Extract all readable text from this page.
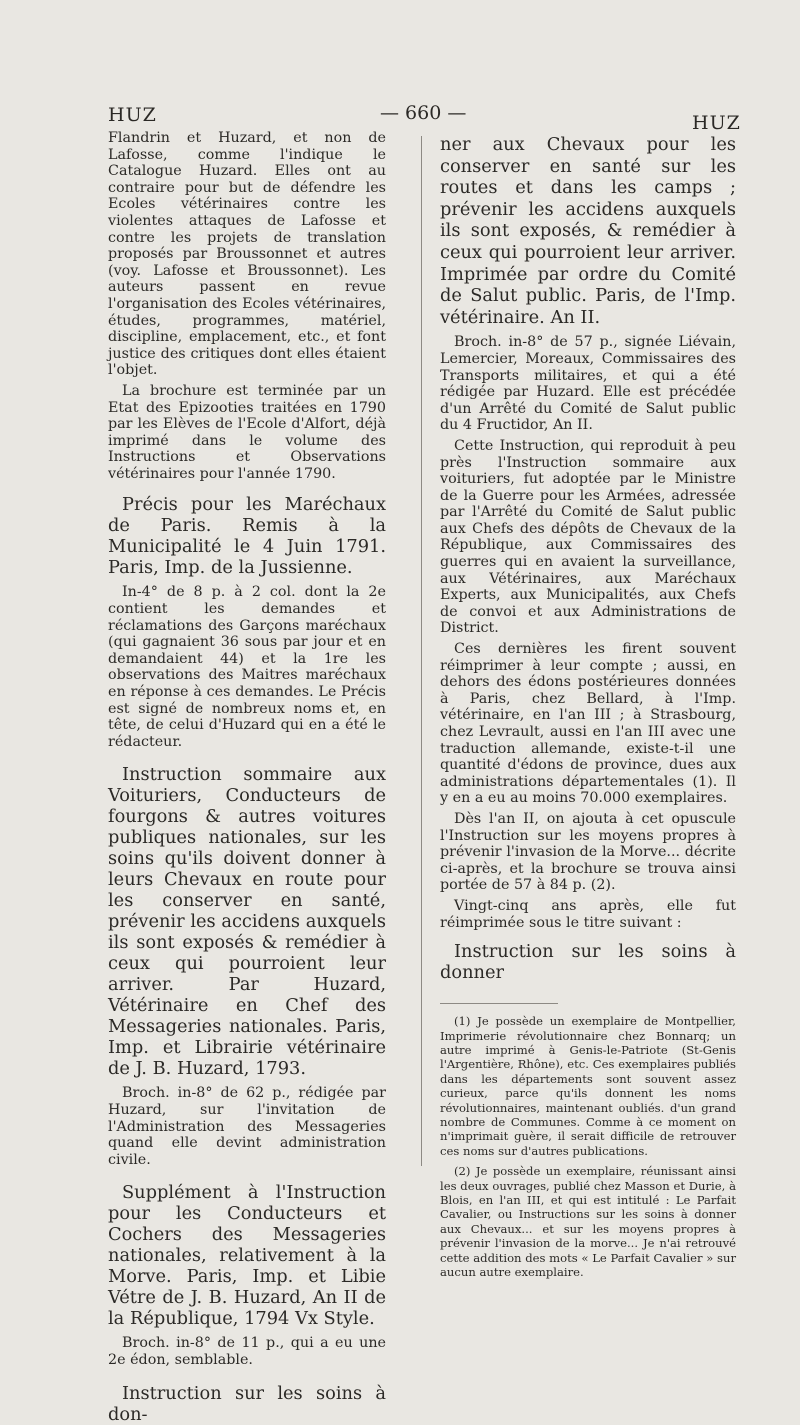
HUZ	— 660 —	HUZ

Flandrin et Huzard, et non de Lafosse, comme l'indique le Catalogue Huzard. Elles ont au contraire pour but de défendre les Ecoles vétérinaires contre les violentes attaques de Lafosse et contre les projets de translation proposés par Broussonnet et autres (voy. Lafosse et Broussonnet). Les auteurs passent en revue l'organisation des Ecoles vétérinaires, études, programmes, matériel, discipline, emplacement, etc., et font justice des critiques dont elles étaient l'objet.

La brochure est terminée par un Etat des Epizooties traitées en 1790 par les Elèves de l'Ecole d'Alfort, déjà imprimé dans le volume des Instructions et Observations vétérinaires pour l'année 1790.

Précis pour les Maréchaux de Paris. Remis à la Municipalité le 4 Juin 1791. Paris, Imp. de la Jussienne.

In-4° de 8 p. à 2 col. dont la 2e contient les demandes et réclamations des Garçons maréchaux (qui gagnaient 36 sous par jour et en demandaient 44) et la 1re les observations des Maitres maréchaux en réponse à ces demandes. Le Précis est signé de nombreux noms et, en tête, de celui d'Huzard qui en a été le rédacteur.

Instruction sommaire aux Voituriers, Conducteurs de fourgons & autres voitures publiques nationales, sur les soins qu'ils doivent donner à leurs Chevaux en route pour les conserver en santé, prévenir les accidens auxquels ils sont exposés & remédier à ceux qui pourroient leur arriver. Par Huzard, Vétérinaire en Chef des Messageries nationales. Paris, Imp. et Librairie vétérinaire de J. B. Huzard, 1793.

Broch. in-8° de 62 p., rédigée par Huzard, sur l'invitation de l'Administration des Messageries quand elle devint administration civile.

Supplément à l'Instruction pour les Conducteurs et Cochers des Messageries nationales, relativement à la Morve. Paris, Imp. et Libie Vétre de J. B. Huzard, An II de la République, 1794 Vx Style.

Broch. in-8° de 11 p., qui a eu une 2e édon, semblable.

Instruction sur les soins à don-

ner aux Chevaux pour les conserver en santé sur les routes et dans les camps ; prévenir les accidens auxquels ils sont exposés, & remédier à ceux qui pourroient leur arriver. Imprimée par ordre du Comité de Salut public. Paris, de l'Imp. vétérinaire. An II.

Broch. in-8° de 57 p., signée Liévain, Lemercier, Moreaux, Commissaires des Transports militaires, et qui a été rédigée par Huzard. Elle est précédée d'un Arrêté du Comité de Salut public du 4 Fructidor, An II.

Cette Instruction, qui reproduit à peu près l'Instruction sommaire aux voituriers, fut adoptée par le Ministre de la Guerre pour les Armées, adressée par l'Arrêté du Comité de Salut public aux Chefs des dépôts de Chevaux de la République, aux Commissaires des guerres qui en avaient la surveillance, aux Vétérinaires, aux Maréchaux Experts, aux Municipalités, aux Chefs de convoi et aux Administrations de District.

Ces dernières les firent souvent réimprimer à leur compte ; aussi, en dehors des édons postérieures données à Paris, chez Bellard, à l'Imp. vétérinaire, en l'an III ; à Strasbourg, chez Levrault, aussi en l'an III avec une traduction allemande, existe-t-il une quantité d'édons de province, dues aux administrations départementales (1). Il y en a eu au moins 70.000 exemplaires.

Dès l'an II, on ajouta à cet opuscule l'Instruction sur les moyens propres à prévenir l'invasion de la Morve... décrite ci-après, et la brochure se trouva ainsi portée de 57 à 84 p. (2).

Vingt-cinq ans après, elle fut réimprimée sous le titre suivant :

Instruction sur les soins à donner

(1) Je possède un exemplaire de Montpellier, Imprimerie révolutionnaire chez Bonnarq; un autre imprimé à Genis-le-Patriote (St-Genis l'Argentière, Rhône), etc. Ces exemplaires publiés dans les départements sont souvent assez curieux, parce qu'ils donnent les noms révolutionnaires, maintenant oubliés. d'un grand nombre de Communes. Comme à ce moment on n'imprimait guère, il serait difficile de retrouver ces noms sur d'autres publications.

(2) Je possède un exemplaire, réunissant ainsi les deux ouvrages, publié chez Masson et Durie, à Blois, en l'an III, et qui est intitulé : Le Parfait Cavalier, ou Instructions sur les soins à donner aux Chevaux... et sur les moyens propres à prévenir l'invasion de la morve... Je n'ai retrouvé cette addition des mots « Le Parfait Cavalier » sur aucun autre exemplaire.
